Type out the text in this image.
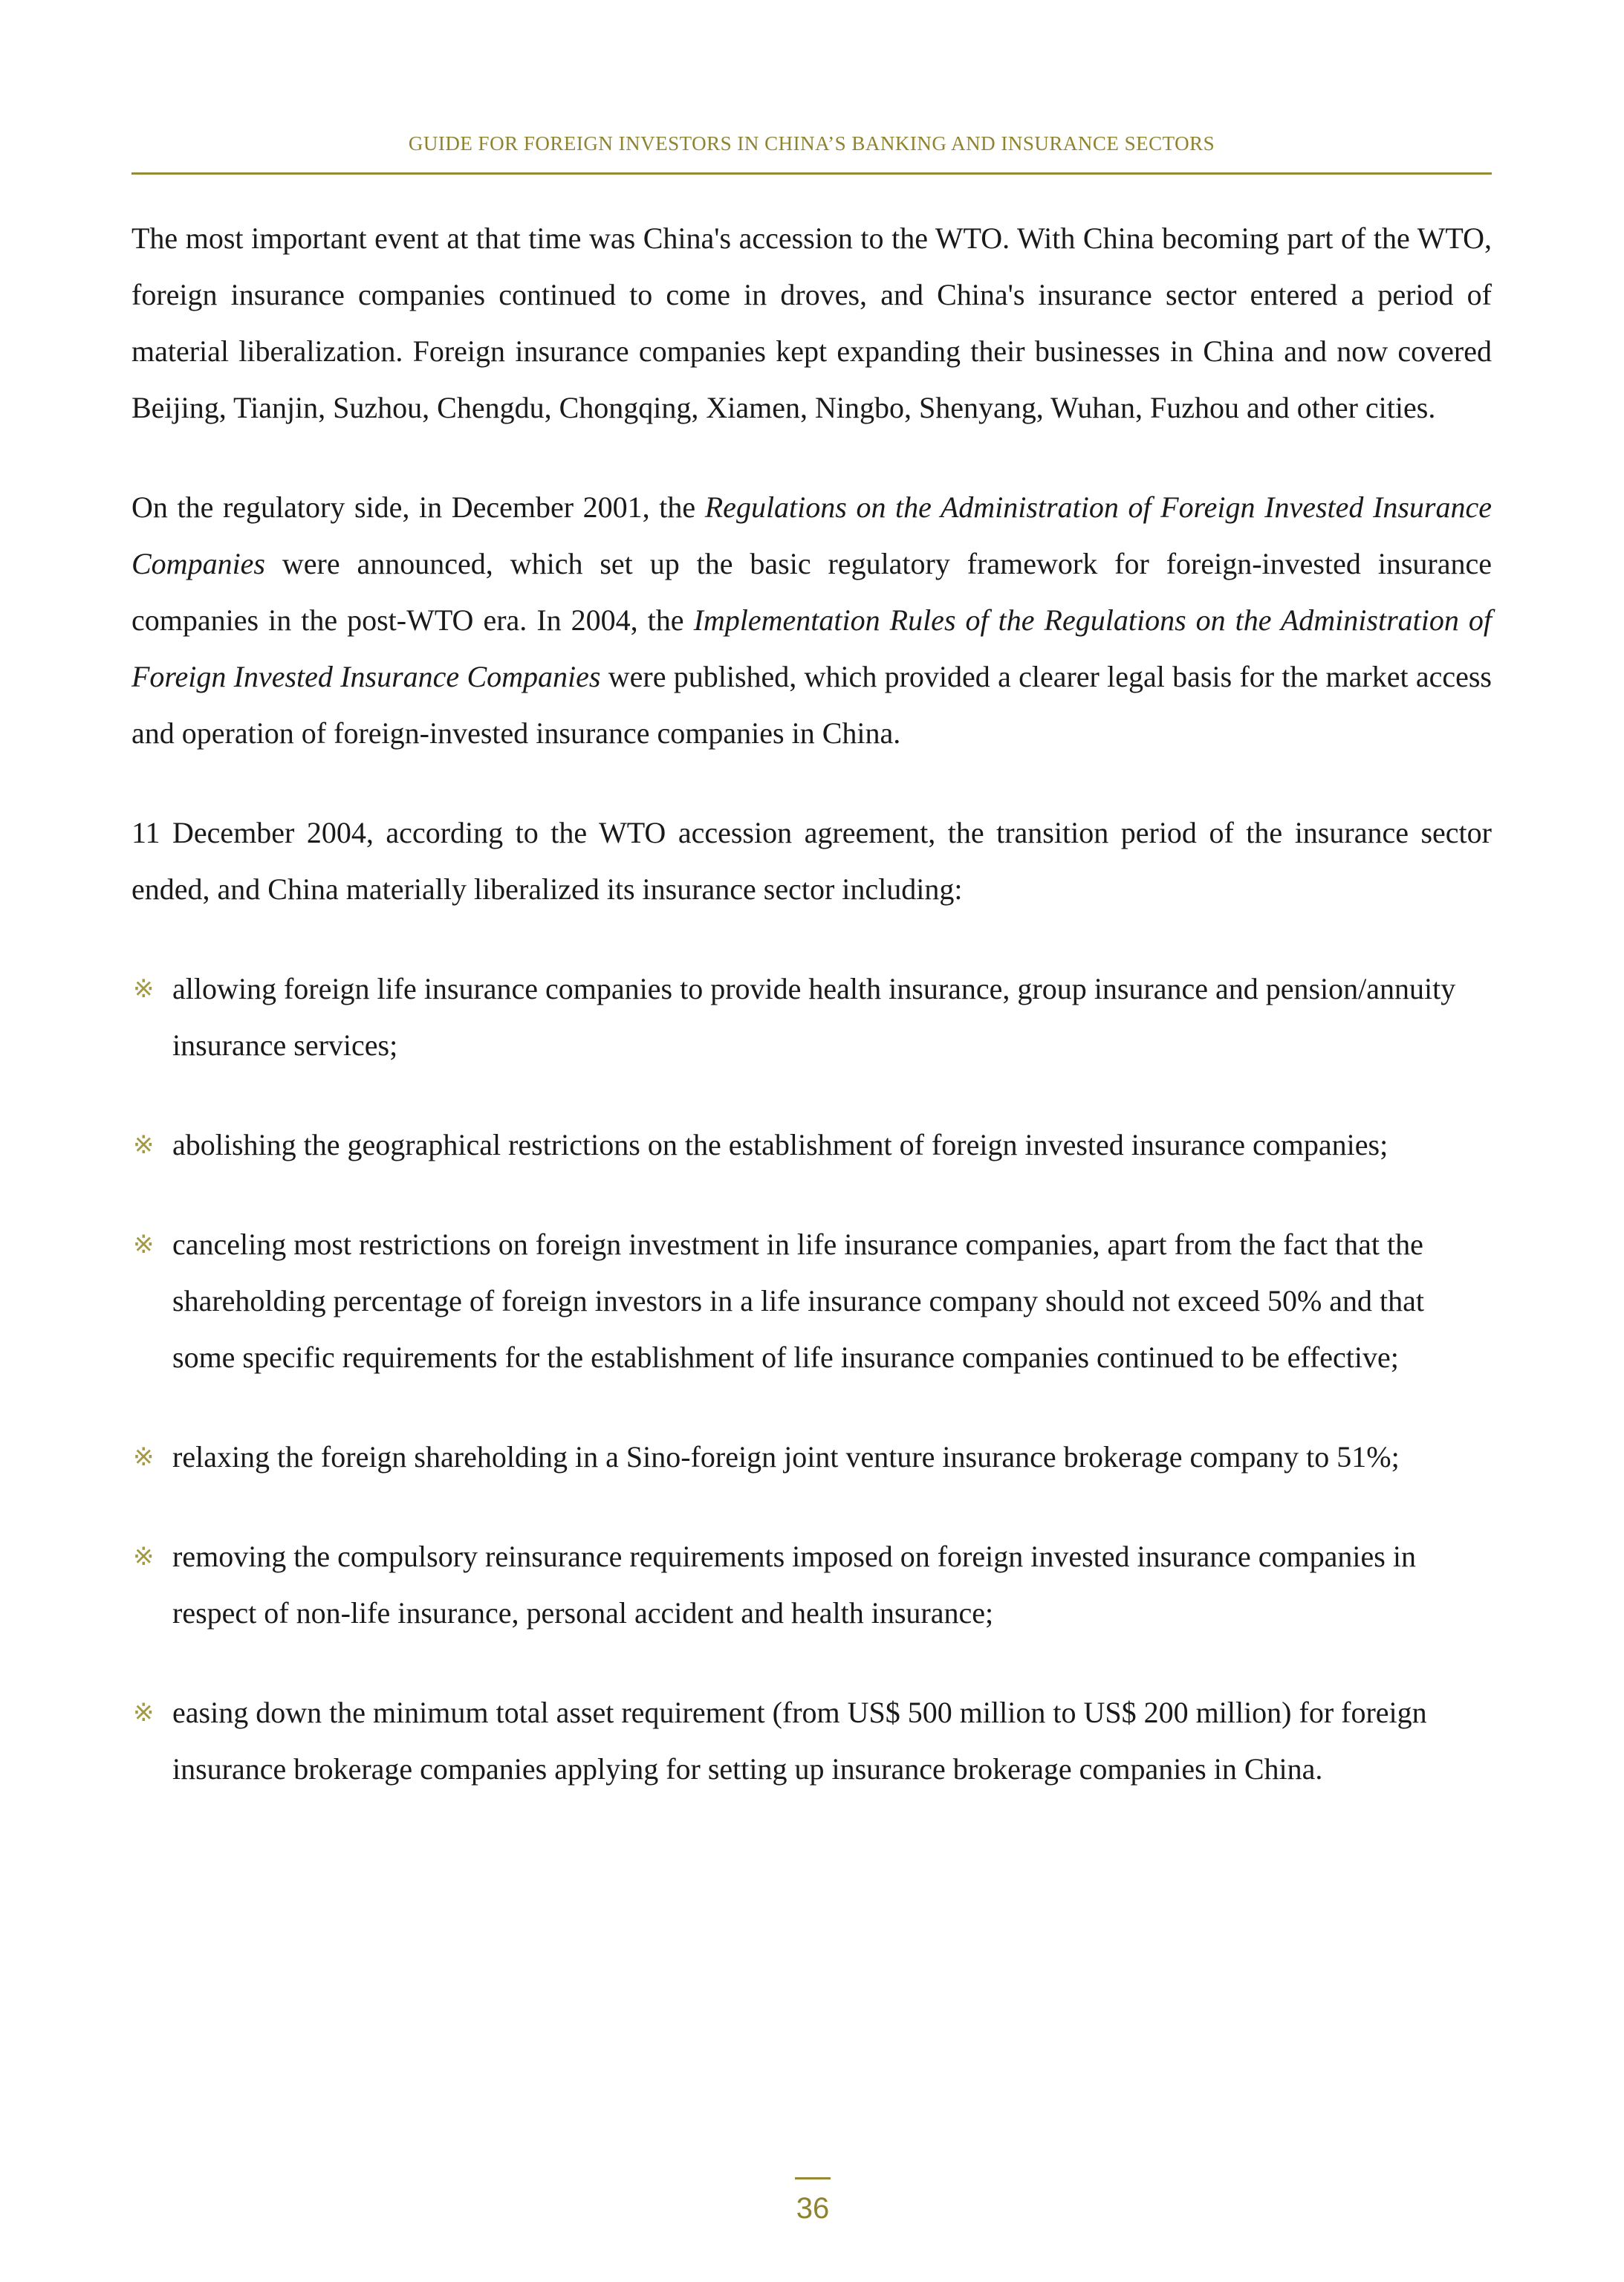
GUIDE FOR FOREIGN INVESTORS IN CHINA’S BANKING AND INSURANCE SECTORS

The most important event at that time was China's accession to the WTO. With China becoming part of the WTO, foreign insurance companies continued to come in droves, and China's insurance sector entered a period of material liberalization. Foreign insurance companies kept expanding their businesses in China and now covered Beijing, Tianjin, Suzhou, Chengdu, Chongqing, Xiamen, Ningbo, Shenyang, Wuhan, Fuzhou and other cities.

On the regulatory side, in December 2001, the Regulations on the Administration of Foreign Invested Insurance Companies were announced, which set up the basic regulatory framework for foreign-invested insurance companies in the post-WTO era. In 2004, the Implementation Rules of the Regulations on the Administration of Foreign Invested Insurance Companies were published, which provided a clearer legal basis for the market access and operation of foreign-invested insurance companies in China.

11 December 2004, according to the WTO accession agreement, the transition period of the insurance sector ended, and China materially liberalized its insurance sector including:

※ allowing foreign life insurance companies to provide health insurance, group insurance and pension/annuity insurance services;
※ abolishing the geographical restrictions on the establishment of foreign invested insurance companies;
※ canceling most restrictions on foreign investment in life insurance companies, apart from the fact that the shareholding percentage of foreign investors in a life insurance company should not exceed 50% and that some specific requirements for the establishment of life insurance companies continued to be effective;
※ relaxing the foreign shareholding in a Sino-foreign joint venture insurance brokerage company to 51%;
※ removing the compulsory reinsurance requirements imposed on foreign invested insurance companies in respect of non-life insurance, personal accident and health insurance;
※ easing down the minimum total asset requirement (from US$ 500 million to US$ 200 million) for foreign insurance brokerage companies applying for setting up insurance brokerage companies in China.
36
